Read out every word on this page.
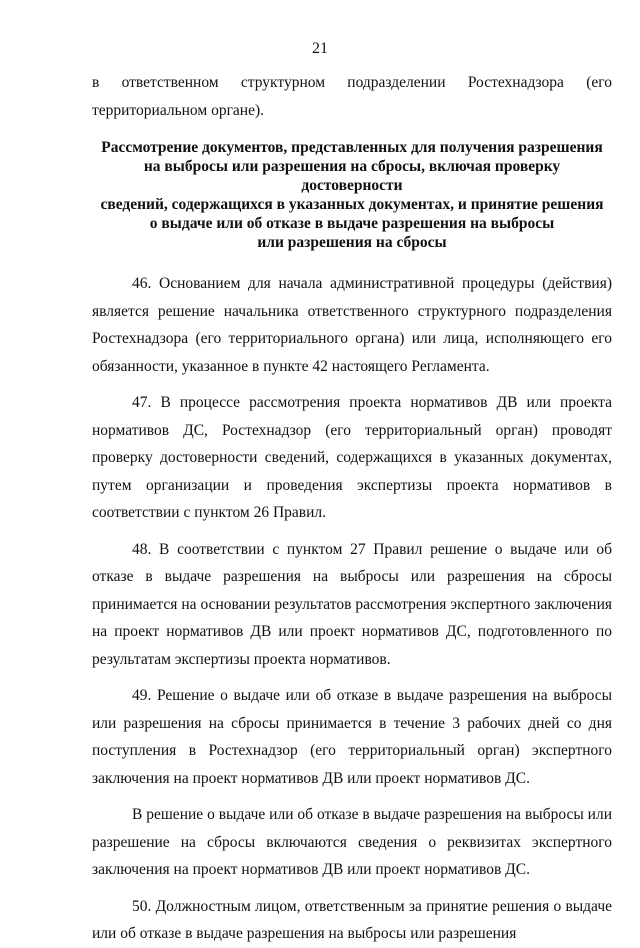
21

в ответственном структурном подразделении Ростехнадзора (его территориальном органе).

Рассмотрение документов, представленных для получения разрешения
на выбросы или разрешения на сбросы, включая проверку достоверности
сведений, содержащихся в указанных документах, и принятие решения
о выдаче или об отказе в выдаче разрешения на выбросы
или разрешения на сбросы

46. Основанием для начала административной процедуры (действия) является решение начальника ответственного структурного подразделения Ростехнадзора (его территориального органа) или лица, исполняющего его обязанности, указанное в пункте 42 настоящего Регламента.

47. В процессе рассмотрения проекта нормативов ДВ или проекта нормативов ДС, Ростехнадзор (его территориальный орган) проводят проверку достоверности сведений, содержащихся в указанных документах, путем организации и проведения экспертизы проекта нормативов в соответствии с пунктом 26 Правил.

48. В соответствии с пунктом 27 Правил решение о выдаче или об отказе в выдаче разрешения на выбросы или разрешения на сбросы принимается на основании результатов рассмотрения экспертного заключения на проект нормативов ДВ или проект нормативов ДС, подготовленного по результатам экспертизы проекта нормативов.

49. Решение о выдаче или об отказе в выдаче разрешения на выбросы или разрешения на сбросы принимается в течение 3 рабочих дней со дня поступления в Ростехнадзор (его территориальный орган) экспертного заключения на проект нормативов ДВ или проект нормативов ДС.

В решение о выдаче или об отказе в выдаче разрешения на выбросы или разрешение на сбросы включаются сведения о реквизитах экспертного заключения на проект нормативов ДВ или проект нормативов ДС.

50. Должностным лицом, ответственным за принятие решения о выдаче или об отказе в выдаче разрешения на выбросы или разрешения
